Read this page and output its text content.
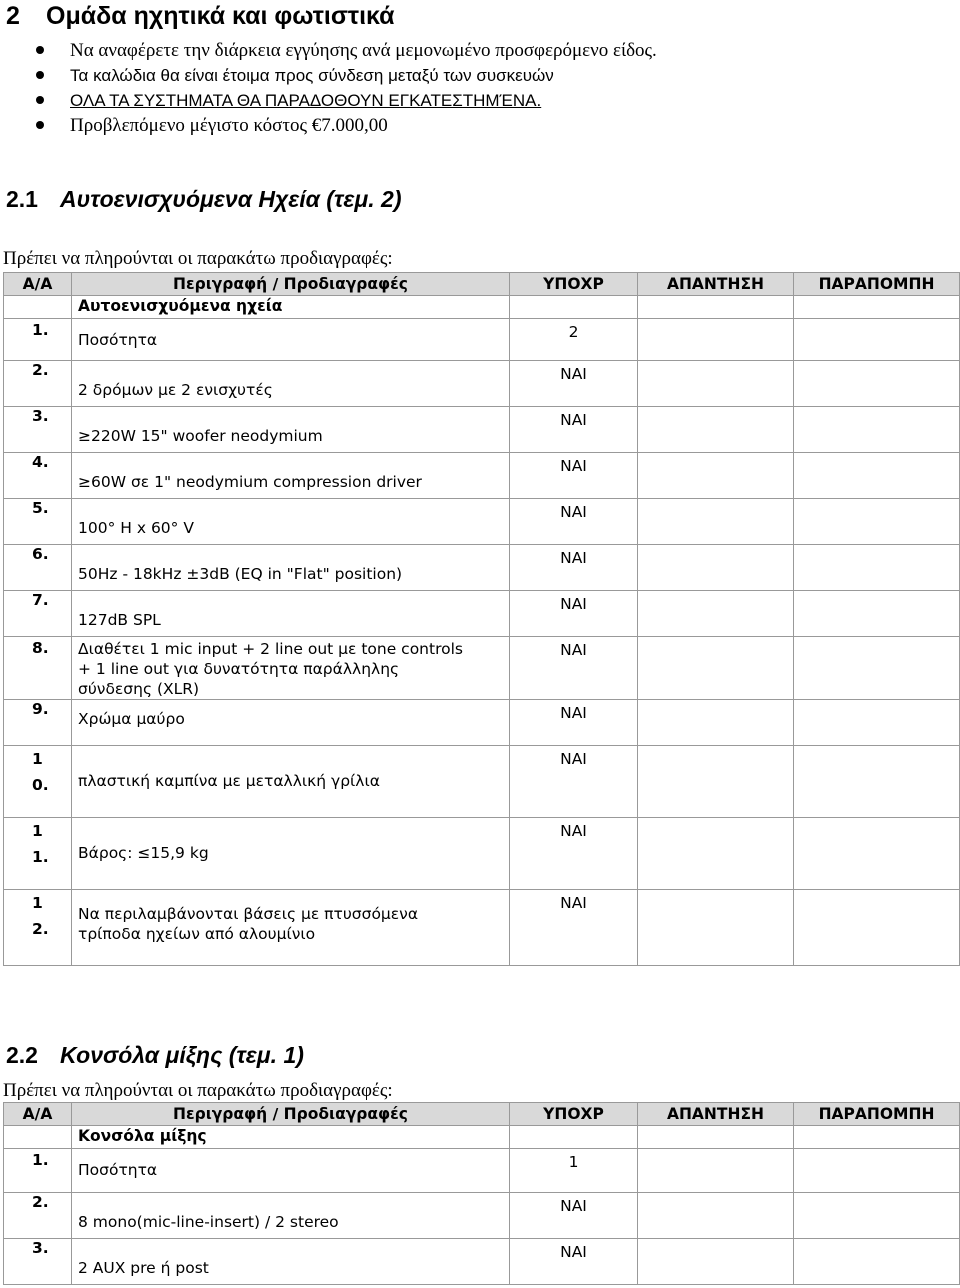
2 Ομάδα ηχητικά και φωτιστικά
Να αναφέρετε την διάρκεια εγγύησης ανά μεμονωμένο προσφερόμενο είδος.
Τα καλώδια θα είναι έτοιμα προς σύνδεση μεταξύ των συσκευών
ΟΛΑ ΤΑ ΣΥΣΤΗΜΑΤΑ ΘΑ ΠΑΡΑΔΟΘΟΥΝ ΕΓΚΑΤΕΣΤΗΜΈΝΑ.
Προβλεπόμενο μέγιστο κόστος €7.000,00
2.1 Αυτοενισχυόμενα Ηχεία (τεμ. 2)
Πρέπει να πληρούνται οι παρακάτω προδιαγραφές:
Α/Α	Περιγραφή / Προδιαγραφές	ΥΠΟΧΡ	ΑΠΑΝΤΗΣΗ	ΠΑΡΑΠΟΜΠΗ

	Αυτοενισχυόμενα ηχεία			

1.	Ποσότητα	2		

2.	2 δρόμων με 2 ενισχυτές	ΝΑΙ		

3.	≥220W 15" woofer neodymium	ΝΑΙ		

4.	≥60W σε 1" neodymium compression driver	ΝΑΙ		

5.	100° H x 60° V	ΝΑΙ		

6.	50Hz - 18kHz ±3dB (EQ in "Flat" position)	ΝΑΙ		

7.	127dB SPL	ΝΑΙ		

8.	Διαθέτει 1 mic input + 2 line out με tone controls + 1 line out για δυνατότητα παράλληλης σύνδεσης (XLR)	ΝΑΙ		

9.	Χρώμα μαύρο	ΝΑΙ		

10.	πλαστική καμπίνα με μεταλλική γρίλια	ΝΑΙ		

11.	Βάρος: ≤15,9 kg	ΝΑΙ		

12.	Να περιλαμβάνονται βάσεις με πτυσσόμενα τρίποδα ηχείων από αλουμίνιο	ΝΑΙ		

2.2 Κονσόλα μίξης (τεμ. 1)
Πρέπει να πληρούνται οι παρακάτω προδιαγραφές:
Α/Α	Περιγραφή / Προδιαγραφές	ΥΠΟΧΡ	ΑΠΑΝΤΗΣΗ	ΠΑΡΑΠΟΜΠΗ

	Κονσόλα μίξης			

1.	Ποσότητα	1		

2.	8 mono(mic-line-insert) / 2 stereo	ΝΑΙ		

3.	2 AUX pre ή post	ΝΑΙ		
